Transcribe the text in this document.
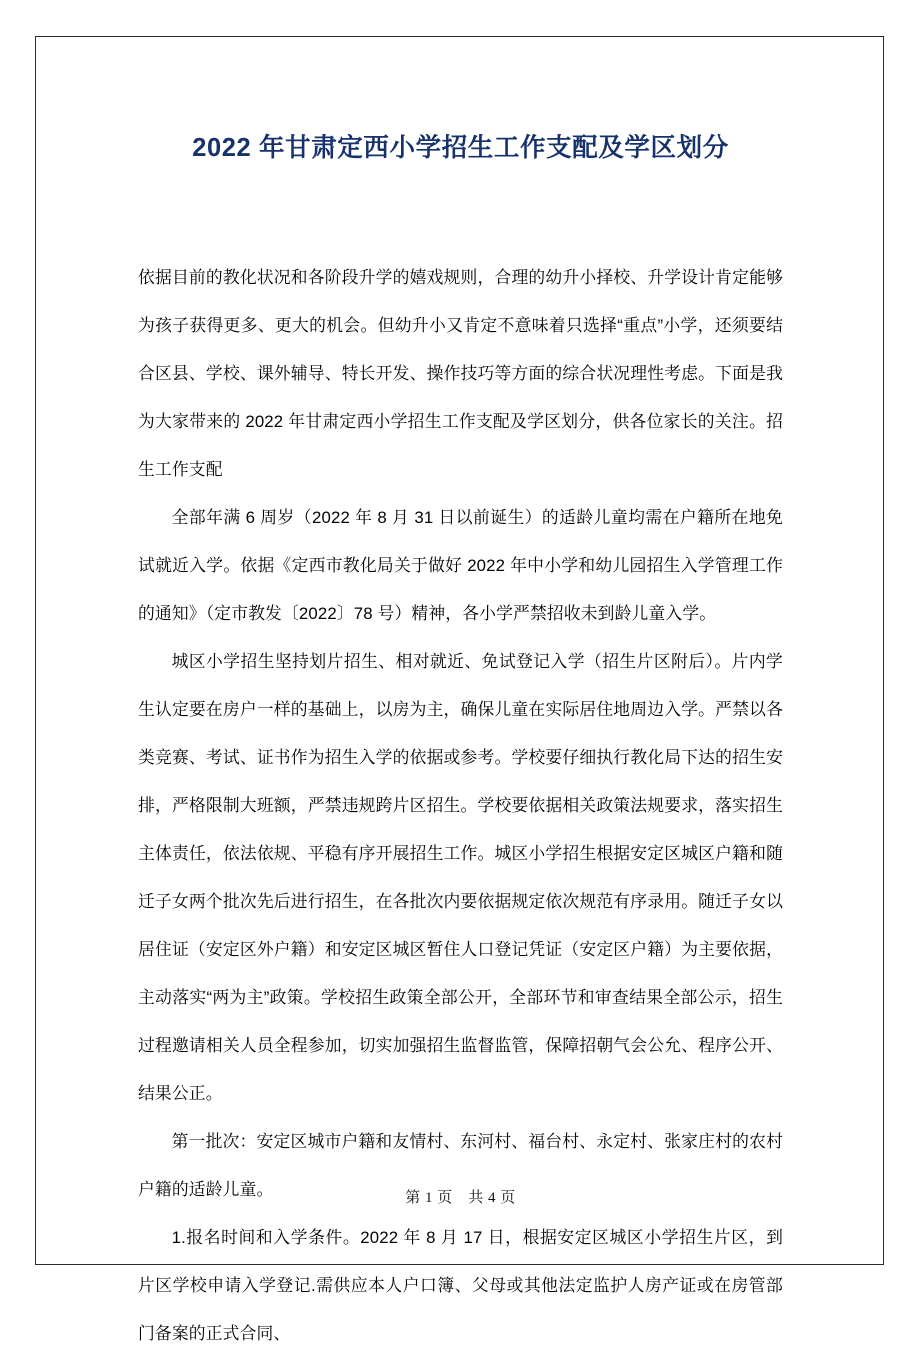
2022 年甘肃定西小学招生工作支配及学区划分

依据目前的教化状况和各阶段升学的嬉戏规则，合理的幼升小择校、升学设计肯定能够为孩子获得更多、更大的机会。但幼升小又肯定不意味着只选择“重点”小学，还须要结合区县、学校、课外辅导、特长开发、操作技巧等方面的综合状况理性考虑。下面是我为大家带来的 2022 年甘肃定西小学招生工作支配及学区划分，供各位家长的关注。招生工作支配

全部年满 6 周岁（2022 年 8 月 31 日以前诞生）的适龄儿童均需在户籍所在地免试就近入学。依据《定西市教化局关于做好 2022 年中小学和幼儿园招生入学管理工作的通知》（定市教发〔2022〕78 号）精神，各小学严禁招收未到龄儿童入学。

城区小学招生坚持划片招生、相对就近、免试登记入学（招生片区附后）。片内学生认定要在房户一样的基础上，以房为主，确保儿童在实际居住地周边入学。严禁以各类竞赛、考试、证书作为招生入学的依据或参考。学校要仔细执行教化局下达的招生安排，严格限制大班额，严禁违规跨片区招生。学校要依据相关政策法规要求，落实招生主体责任，依法依规、平稳有序开展招生工作。城区小学招生根据安定区城区户籍和随迁子女两个批次先后进行招生，在各批次内要依据规定依次规范有序录用。随迁子女以居住证（安定区外户籍）和安定区城区暂住人口登记凭证（安定区户籍）为主要依据，主动落实“两为主”政策。学校招生政策全部公开，全部环节和审查结果全部公示，招生过程邀请相关人员全程参加，切实加强招生监督监管，保障招朝气会公允、程序公开、结果公正。

第一批次：安定区城市户籍和友情村、东河村、福台村、永定村、张家庄村的农村户籍的适龄儿童。

1.报名时间和入学条件。2022 年 8 月 17 日，根据安定区城区小学招生片区，到片区学校申请入学登记.需供应本人户口簿、父母或其他法定监护人房产证或在房管部门备案的正式合同、

第 1 页　共 4 页
